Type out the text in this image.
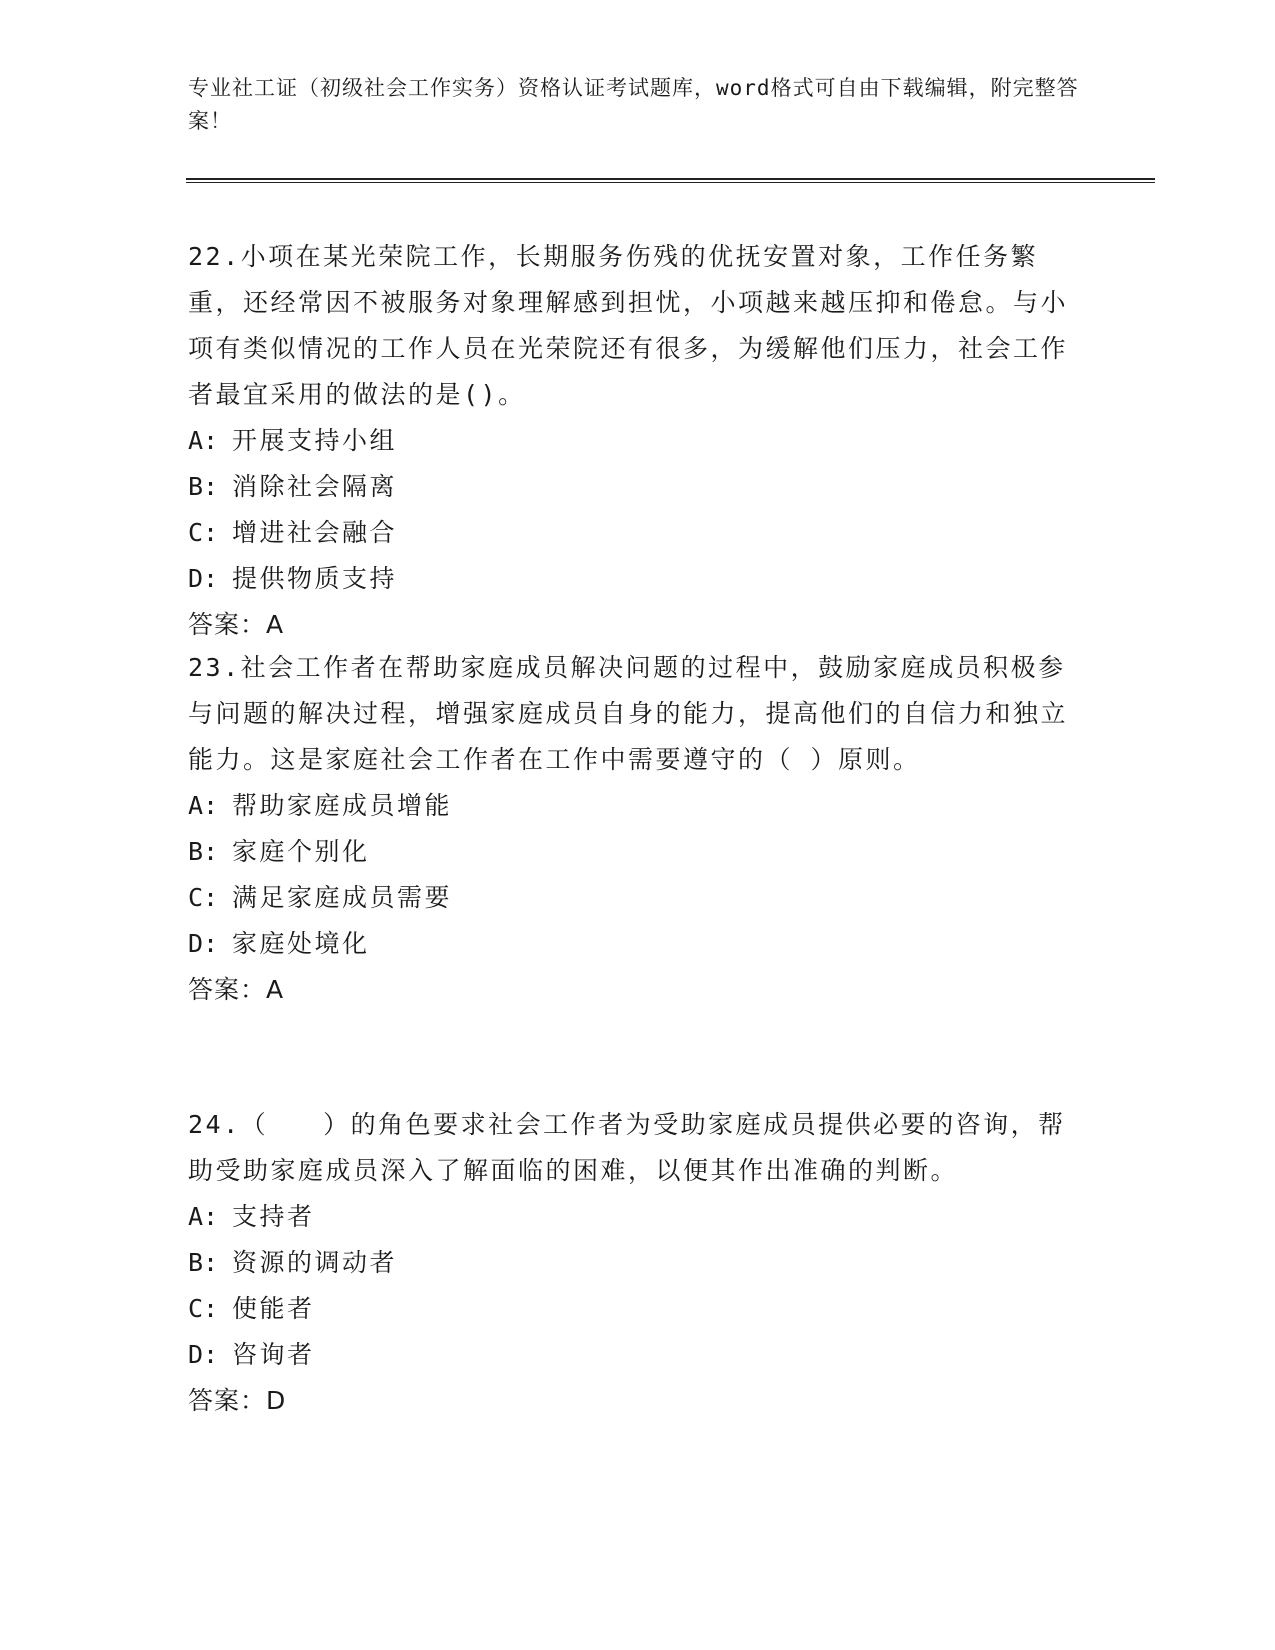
专业社工证（初级社会工作实务）资格认证考试题库，word格式可自由下载编辑，附完整答案！

22.小项在某光荣院工作，长期服务伤残的优抚安置对象，工作任务繁重，还经常因不被服务对象理解感到担忧，小项越来越压抑和倦怠。与小项有类似情况的工作人员在光荣院还有很多，为缓解他们压力，社会工作者最宜采用的做法的是()。

A: 开展支持小组

B: 消除社会隔离

C: 增进社会融合

D: 提供物质支持

答案：A

23.社会工作者在帮助家庭成员解决问题的过程中，鼓励家庭成员积极参与问题的解决过程，增强家庭成员自身的能力，提高他们的自信力和独立能力。这是家庭社会工作者在工作中需要遵守的（ ）原则。

A: 帮助家庭成员增能

B: 家庭个别化

C: 满足家庭成员需要

D: 家庭处境化

答案：A

24.（　　）的角色要求社会工作者为受助家庭成员提供必要的咨询，帮助受助家庭成员深入了解面临的困难，以便其作出准确的判断。

A: 支持者

B: 资源的调动者

C: 使能者

D: 咨询者

答案：D
